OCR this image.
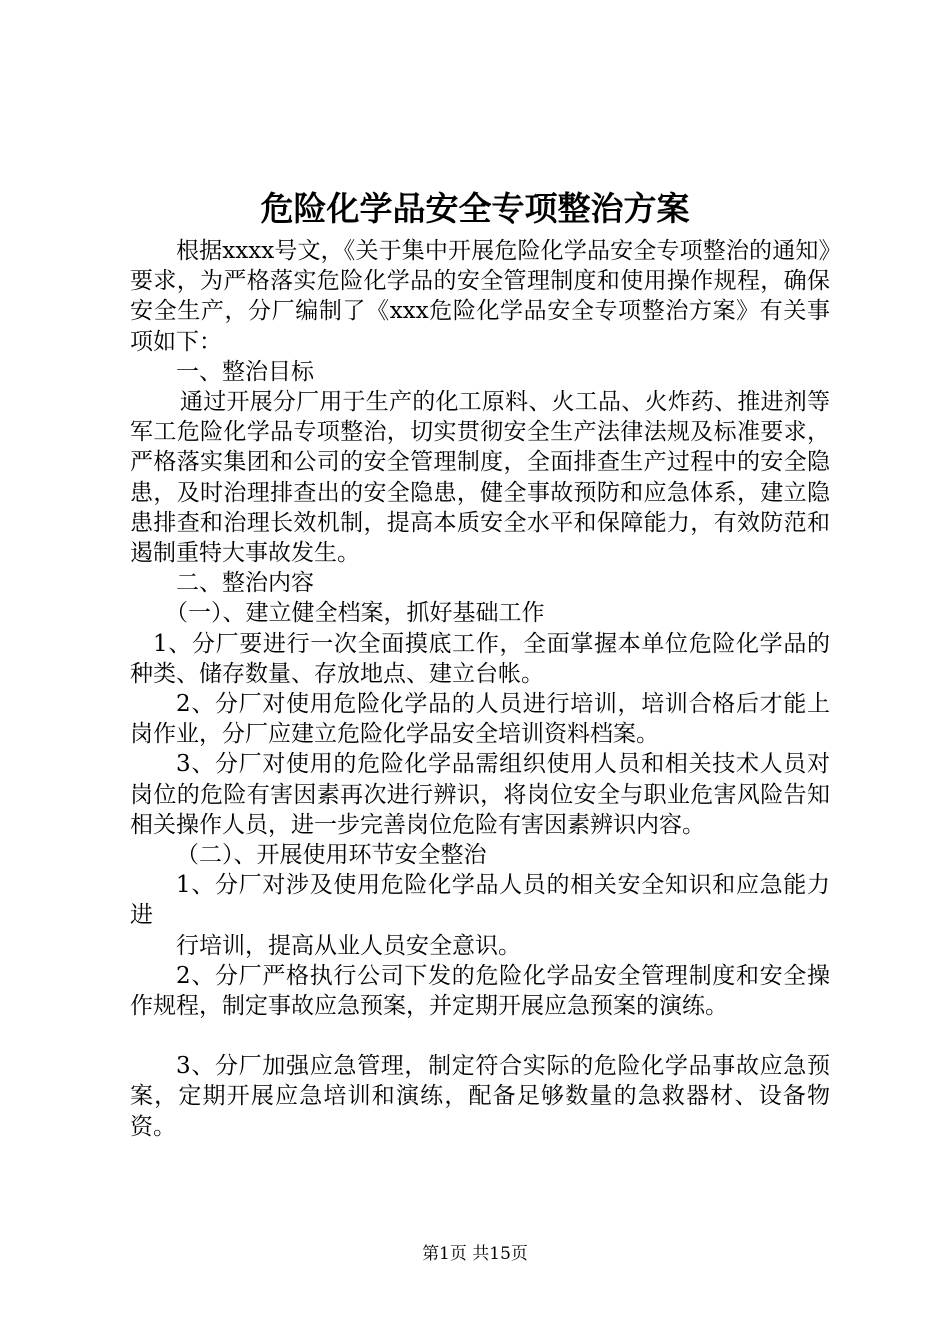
危险化学品安全专项整治方案

根据xxxx号文，《关于集中开展危险化学品安全专项整治的通知》要求，为严格落实危险化学品的安全管理制度和使用操作规程，确保安全生产，分厂编制了《xxx危险化学品安全专项整治方案》有关事项如下：

一、整治目标

通过开展分厂用于生产的化工原料、火工品、火炸药、推进剂等军工危险化学品专项整治，切实贯彻安全生产法律法规及标准要求，严格落实集团和公司的安全管理制度，全面排查生产过程中的安全隐患，及时治理排查出的安全隐患，健全事故预防和应急体系，建立隐患排查和治理长效机制，提高本质安全水平和保障能力，有效防范和遏制重特大事故发生。

二、整治内容

（一）、建立健全档案，抓好基础工作

1、分厂要进行一次全面摸底工作，全面掌握本单位危险化学品的种类、储存数量、存放地点、建立台帐。

2、分厂对使用危险化学品的人员进行培训，培训合格后才能上岗作业，分厂应建立危险化学品安全培训资料档案。

3、分厂对使用的危险化学品需组织使用人员和相关技术人员对岗位的危险有害因素再次进行辨识，将岗位安全与职业危害风险告知相关操作人员，进一步完善岗位危险有害因素辨识内容。

（二）、开展使用环节安全整治

1、分厂对涉及使用危险化学品人员的相关安全知识和应急能力进

行培训，提高从业人员安全意识。

2、分厂严格执行公司下发的危险化学品安全管理制度和安全操作规程，制定事故应急预案，并定期开展应急预案的演练。

3、分厂加强应急管理，制定符合实际的危险化学品事故应急预案，定期开展应急培训和演练，配备足够数量的急救器材、设备物资。

第1页 共15页
